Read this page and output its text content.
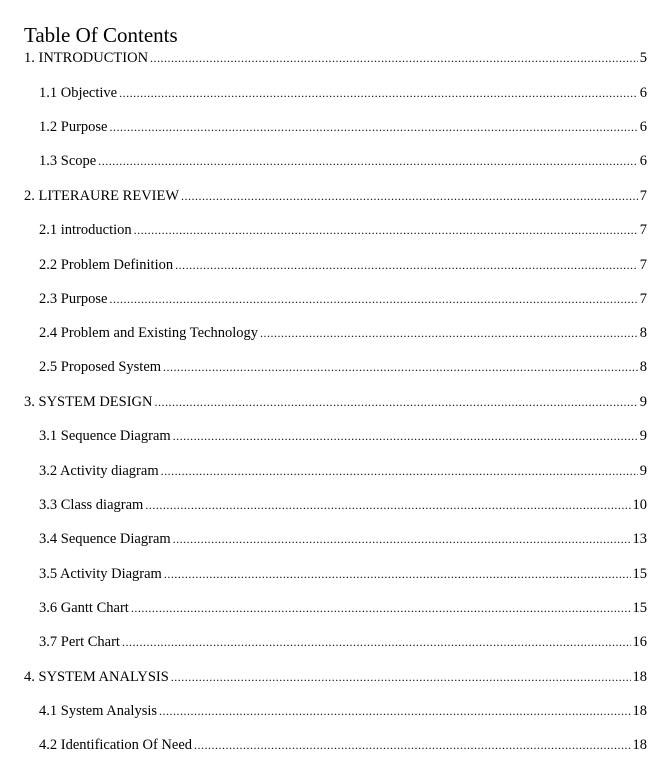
Table Of Contents
1. INTRODUCTION .....	5
1.1 Objective .....	6
1.2 Purpose .....	6
1.3 Scope .....	6
2. LITERAURE REVIEW .....	7
2.1 introduction .....	7
2.2 Problem Definition .....	7
2.3 Purpose .....	7
2.4 Problem and Existing Technology .....	8
2.5 Proposed System .....	8
3. SYSTEM DESIGN .....	9
3.1 Sequence Diagram .....	9
3.2 Activity diagram .....	9
3.3 Class diagram .....	10
3.4 Sequence Diagram .....	13
3.5 Activity Diagram .....	15
3.6 Gantt Chart .....	15
3.7 Pert Chart .....	16
4. SYSTEM ANALYSIS .....	18
4.1 System Analysis .....	18
4.2 Identification Of Need .....	18
